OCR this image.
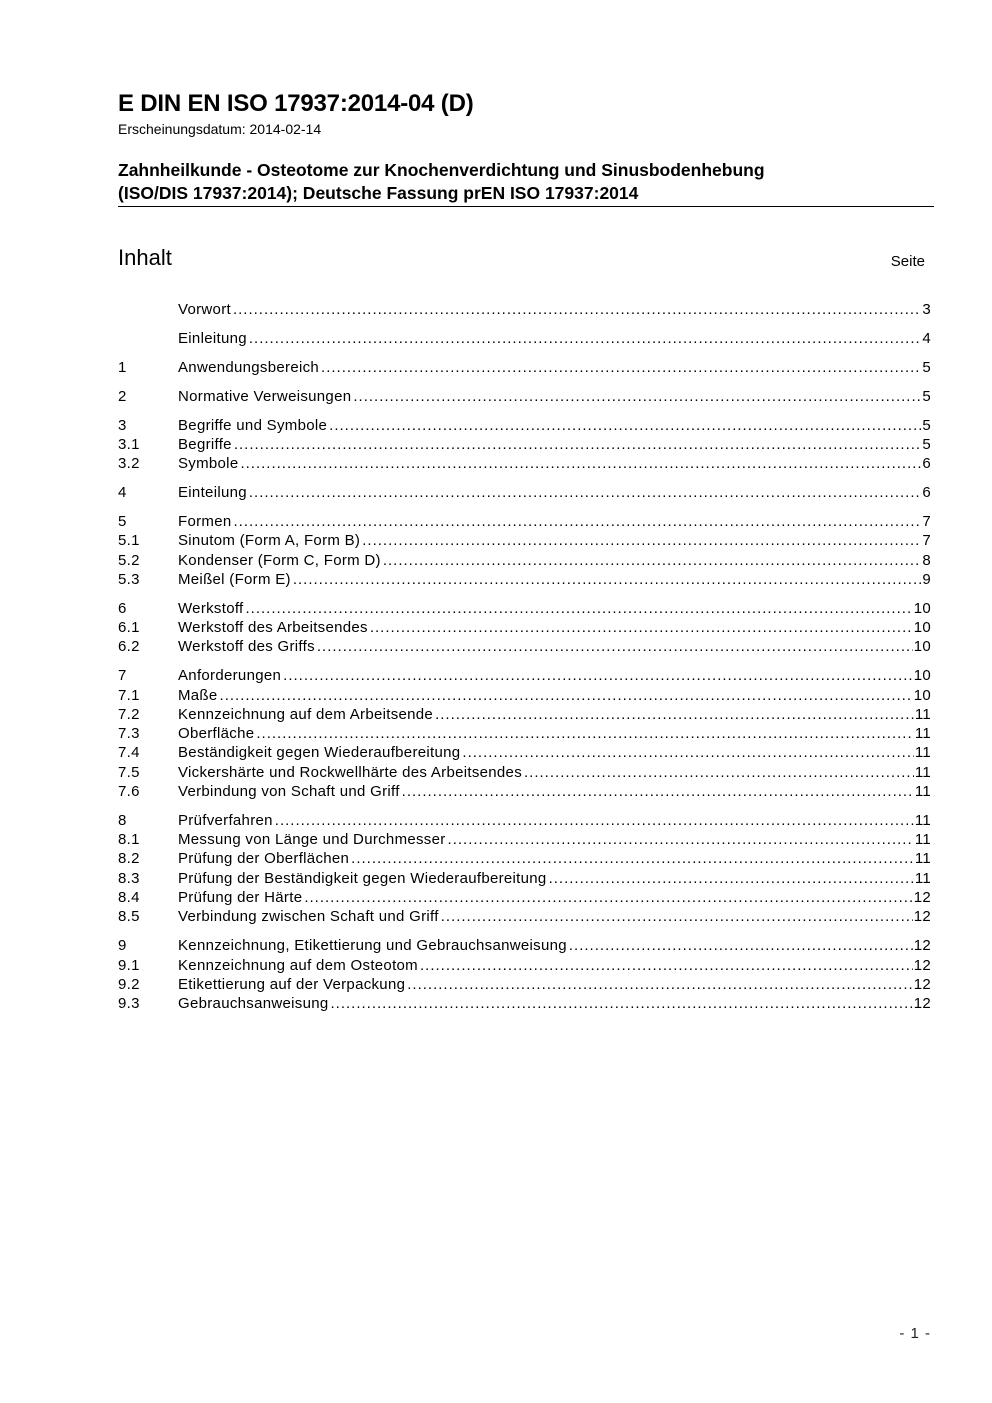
E DIN EN ISO 17937:2014-04 (D)
Erscheinungsdatum: 2014-02-14
Zahnheilkunde - Osteotome zur Knochenverdichtung und Sinusbodenhebung
(ISO/DIS 17937:2014); Deutsche Fassung prEN ISO 17937:2014
Inhalt	Seite
Vorwort .....	3
Einleitung .....	4
1	Anwendungsbereich .....	5
2	Normative Verweisungen .....	5
3	Begriffe und Symbole .....	5
3.1	Begriffe .....	5
3.2	Symbole .....	6
4	Einteilung .....	6
5	Formen .....	7
5.1	Sinutom (Form A, Form B) .....	7
5.2	Kondenser (Form C, Form D) .....	8
5.3	Meißel (Form E) .....	9
6	Werkstoff .....	10
6.1	Werkstoff des Arbeitsendes .....	10
6.2	Werkstoff des Griffs .....	10
7	Anforderungen .....	10
7.1	Maße .....	10
7.2	Kennzeichnung auf dem Arbeitsende .....	11
7.3	Oberfläche .....	11
7.4	Beständigkeit gegen Wiederaufbereitung .....	11
7.5	Vickershärte und Rockwellhärte des Arbeitsendes .....	11
7.6	Verbindung von Schaft und Griff .....	11
8	Prüfverfahren .....	11
8.1	Messung von Länge und Durchmesser .....	11
8.2	Prüfung der Oberflächen .....	11
8.3	Prüfung der Beständigkeit gegen Wiederaufbereitung .....	11
8.4	Prüfung der Härte .....	12
8.5	Verbindung zwischen Schaft und Griff .....	12
9	Kennzeichnung, Etikettierung und Gebrauchsanweisung .....	12
9.1	Kennzeichnung auf dem Osteotom .....	12
9.2	Etikettierung auf der Verpackung .....	12
9.3	Gebrauchsanweisung .....	12
- 1 -
